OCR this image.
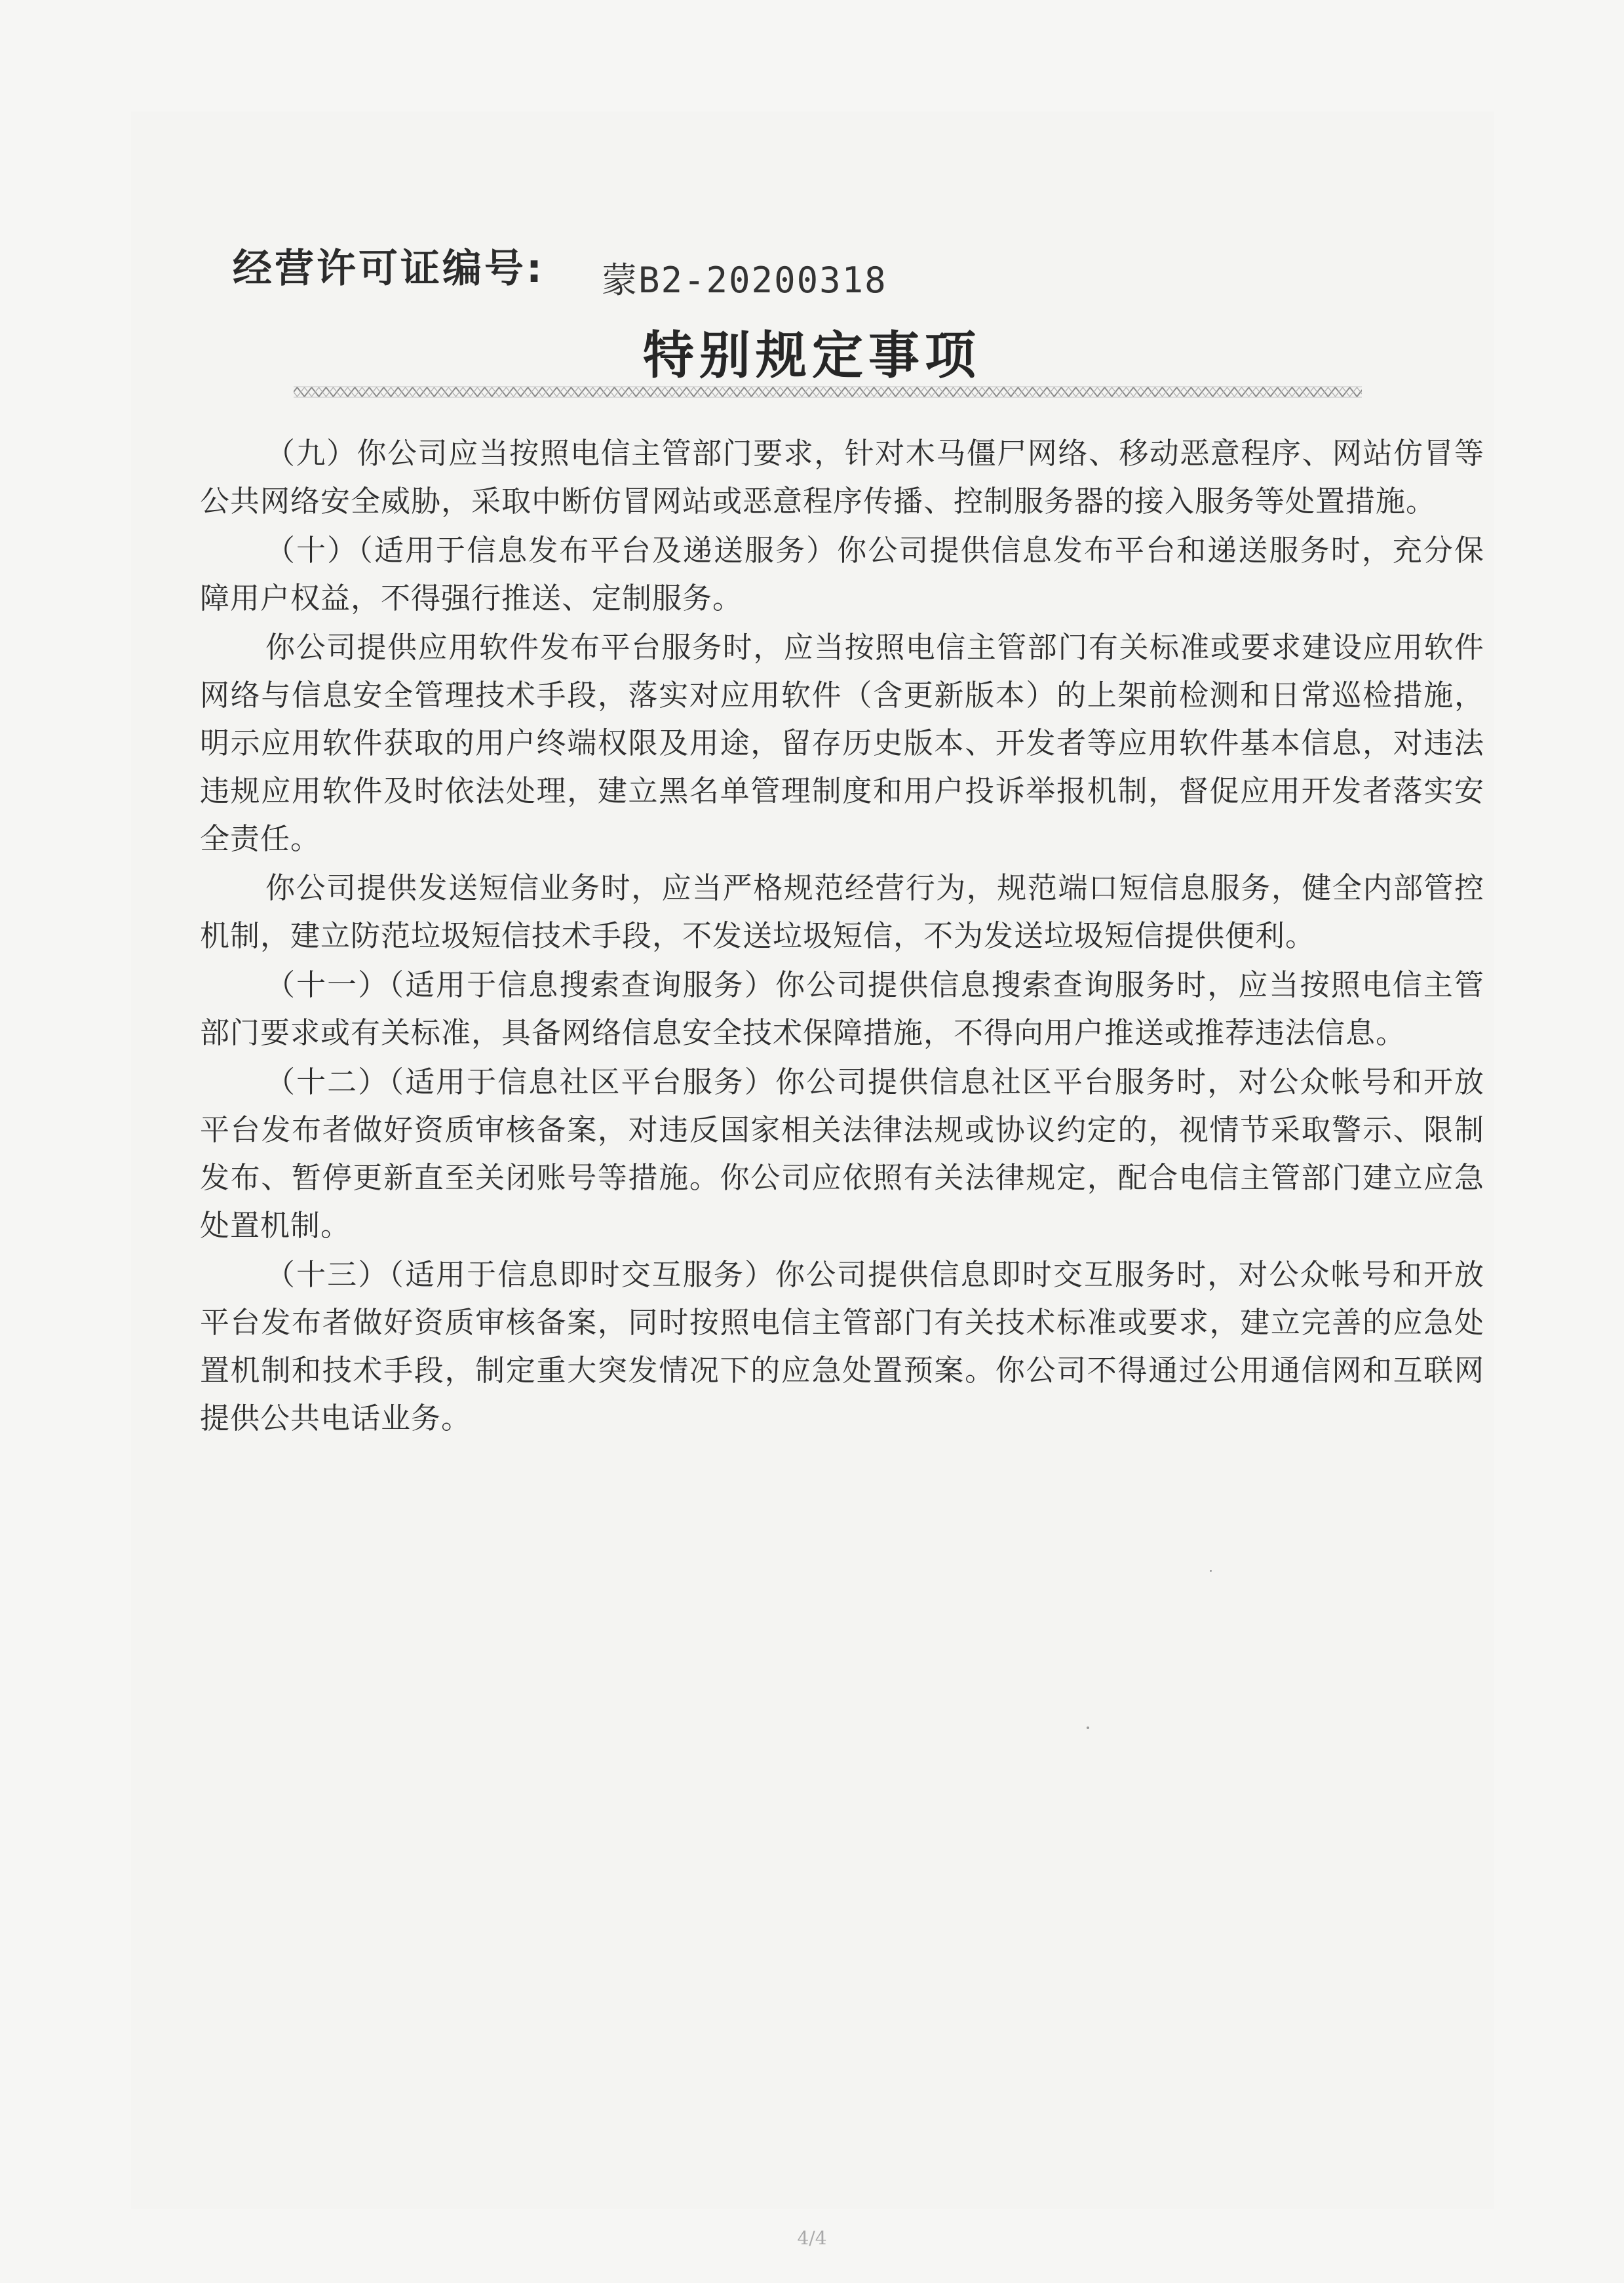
经营许可证编号: 蒙B2-20200318
特别规定事项

（九）你公司应当按照电信主管部门要求，针对木马僵尸网络、移动恶意程序、网站仿冒等公共网络安全威胁，采取中断仿冒网站或恶意程序传播、控制服务器的接入服务等处置措施。

（十）（适用于信息发布平台及递送服务）你公司提供信息发布平台和递送服务时，充分保障用户权益，不得强行推送、定制服务。

你公司提供应用软件发布平台服务时，应当按照电信主管部门有关标准或要求建设应用软件网络与信息安全管理技术手段，落实对应用软件（含更新版本）的上架前检测和日常巡检措施，明示应用软件获取的用户终端权限及用途，留存历史版本、开发者等应用软件基本信息，对违法违规应用软件及时依法处理，建立黑名单管理制度和用户投诉举报机制，督促应用开发者落实安全责任。

你公司提供发送短信业务时，应当严格规范经营行为，规范端口短信息服务，健全内部管控机制，建立防范垃圾短信技术手段，不发送垃圾短信，不为发送垃圾短信提供便利。

（十一）（适用于信息搜索查询服务）你公司提供信息搜索查询服务时，应当按照电信主管部门要求或有关标准，具备网络信息安全技术保障措施，不得向用户推送或推荐违法信息。

（十二）（适用于信息社区平台服务）你公司提供信息社区平台服务时，对公众帐号和开放平台发布者做好资质审核备案，对违反国家相关法律法规或协议约定的，视情节采取警示、限制发布、暂停更新直至关闭账号等措施。你公司应依照有关法律规定，配合电信主管部门建立应急处置机制。

（十三）（适用于信息即时交互服务）你公司提供信息即时交互服务时，对公众帐号和开放平台发布者做好资质审核备案，同时按照电信主管部门有关技术标准或要求，建立完善的应急处置机制和技术手段，制定重大突发情况下的应急处置预案。你公司不得通过公用通信网和互联网提供公共电话业务。

4/4
